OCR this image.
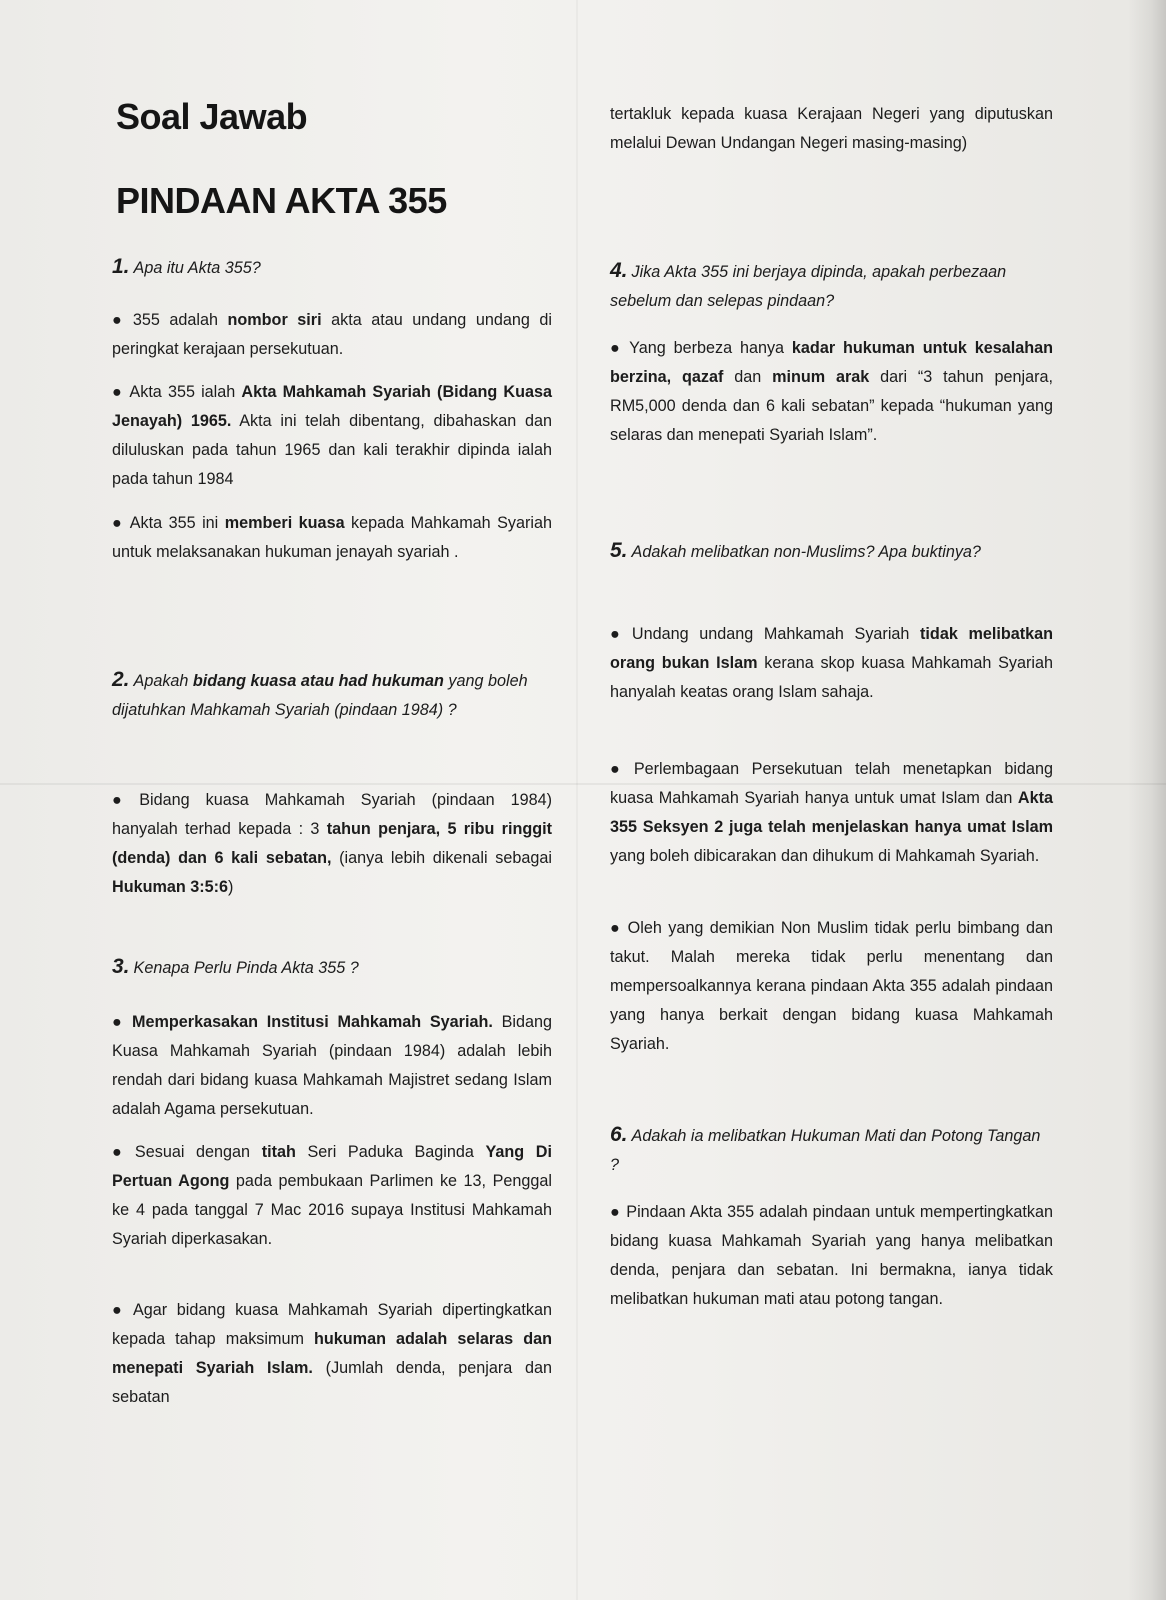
Soal Jawab
PINDAAN AKTA 355

1. Apa itu Akta 355?

● 355 adalah nombor siri akta atau undang undang di peringkat kerajaan persekutuan.

● Akta 355 ialah Akta Mahkamah Syariah (Bidang Kuasa Jenayah) 1965. Akta ini telah dibentang, dibahaskan dan diluluskan pada tahun 1965 dan kali terakhir dipinda ialah pada tahun 1984

● Akta 355 ini memberi kuasa kepada Mahkamah Syariah untuk melaksanakan hukuman jenayah syariah .

2. Apakah bidang kuasa atau had hukuman yang boleh dijatuhkan Mahkamah Syariah (pindaan 1984) ?

● Bidang kuasa Mahkamah Syariah (pindaan 1984) hanyalah terhad kepada : 3 tahun penjara, 5 ribu ringgit (denda) dan 6 kali sebatan, (ianya lebih dikenali sebagai Hukuman 3:5:6)

3. Kenapa Perlu Pinda Akta 355 ?

● Memperkasakan Institusi Mahkamah Syariah. Bidang Kuasa Mahkamah Syariah (pindaan 1984) adalah lebih rendah dari bidang kuasa Mahkamah Majistret sedang Islam adalah Agama persekutuan.

● Sesuai dengan titah Seri Paduka Baginda Yang Di Pertuan Agong pada pembukaan Parlimen ke 13, Penggal ke 4 pada tanggal 7 Mac 2016 supaya Institusi Mahkamah Syariah diperkasakan.

● Agar bidang kuasa Mahkamah Syariah dipertingkatkan kepada tahap maksimum hukuman adalah selaras dan menepati Syariah Islam. (Jumlah denda, penjara dan sebatan

tertakluk kepada kuasa Kerajaan Negeri yang diputuskan melalui Dewan Undangan Negeri masing-masing)

4. Jika Akta 355 ini berjaya dipinda, apakah perbezaan sebelum dan selepas pindaan?

● Yang berbeza hanya kadar hukuman untuk kesalahan berzina, qazaf dan minum arak dari “3 tahun penjara, RM5,000 denda dan 6 kali sebatan” kepada “hukuman yang selaras dan menepati Syariah Islam”.

5. Adakah melibatkan non-Muslims? Apa buktinya?

● Undang undang Mahkamah Syariah tidak melibatkan orang bukan Islam kerana skop kuasa Mahkamah Syariah hanyalah keatas orang Islam sahaja.

● Perlembagaan Persekutuan telah menetapkan bidang kuasa Mahkamah Syariah hanya untuk umat Islam dan Akta 355 Seksyen 2 juga telah menjelaskan hanya umat Islam yang boleh dibicarakan dan dihukum di Mahkamah Syariah.

● Oleh yang demikian Non Muslim tidak perlu bimbang dan takut. Malah mereka tidak perlu menentang dan mempersoalkannya kerana pindaan Akta 355 adalah pindaan yang hanya berkait dengan bidang kuasa Mahkamah Syariah.

6. Adakah ia melibatkan Hukuman Mati dan Potong Tangan ?

● Pindaan Akta 355 adalah pindaan untuk mempertingkatkan bidang kuasa Mahkamah Syariah yang hanya melibatkan denda, penjara dan sebatan. Ini bermakna, ianya tidak melibatkan hukuman mati atau potong tangan.
